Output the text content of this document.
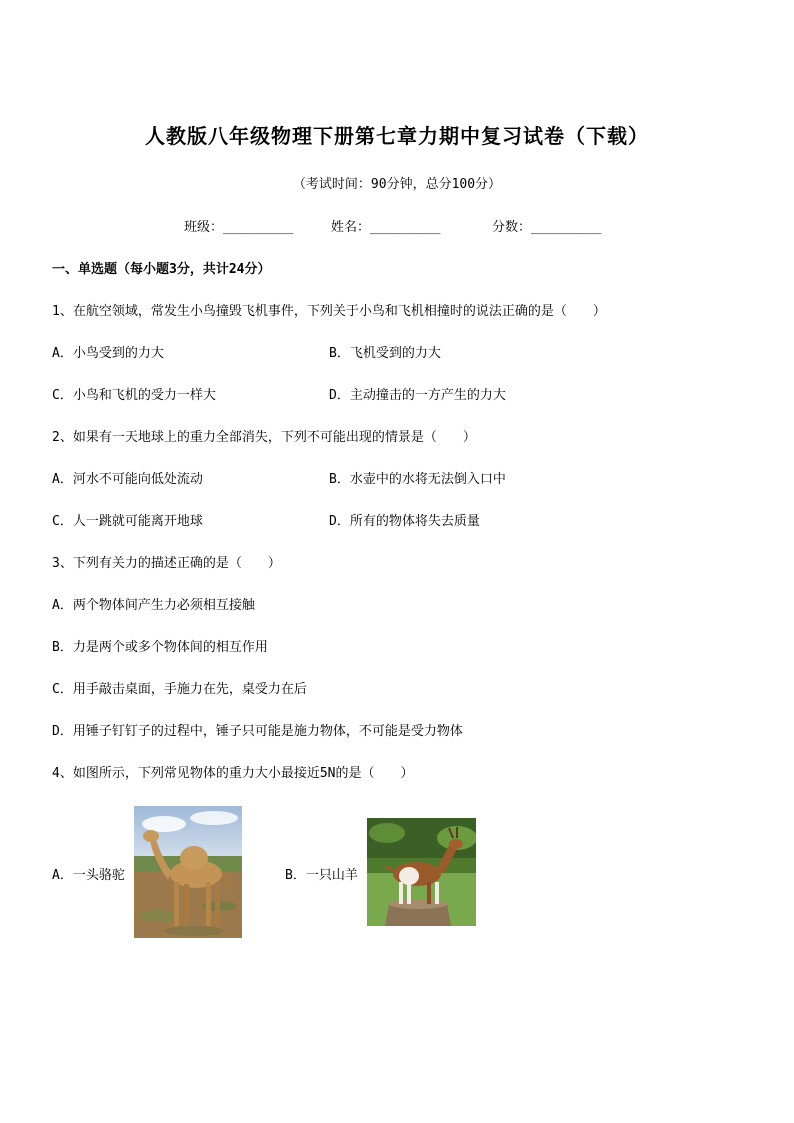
人教版八年级物理下册第七章力期中复习试卷（下载）
（考试时间：90分钟，总分100分）
班级：_________	姓名：_________	分数：_________
一、单选题（每小题3分，共计24分）
1、在航空领域，常发生小鸟撞毁飞机事件，下列关于小鸟和飞机相撞时的说法正确的是（　　）
A．小鸟受到的力大	B．飞机受到的力大
C．小鸟和飞机的受力一样大	D．主动撞击的一方产生的力大
2、如果有一天地球上的重力全部消失，下列不可能出现的情景是（　　）
A．河水不可能向低处流动	B．水壶中的水将无法倒入口中
C．人一跳就可能离开地球	D．所有的物体将失去质量
3、下列有关力的描述正确的是（　　）
A．两个物体间产生力必须相互接触
B．力是两个或多个物体间的相互作用
C．用手敲击桌面，手施力在先，桌受力在后
D．用锤子钉钉子的过程中，锤子只可能是施力物体，不可能是受力物体
4、如图所示，下列常见物体的重力大小最接近5N的是（　　）
A．一头骆驼	B．一只山羊
